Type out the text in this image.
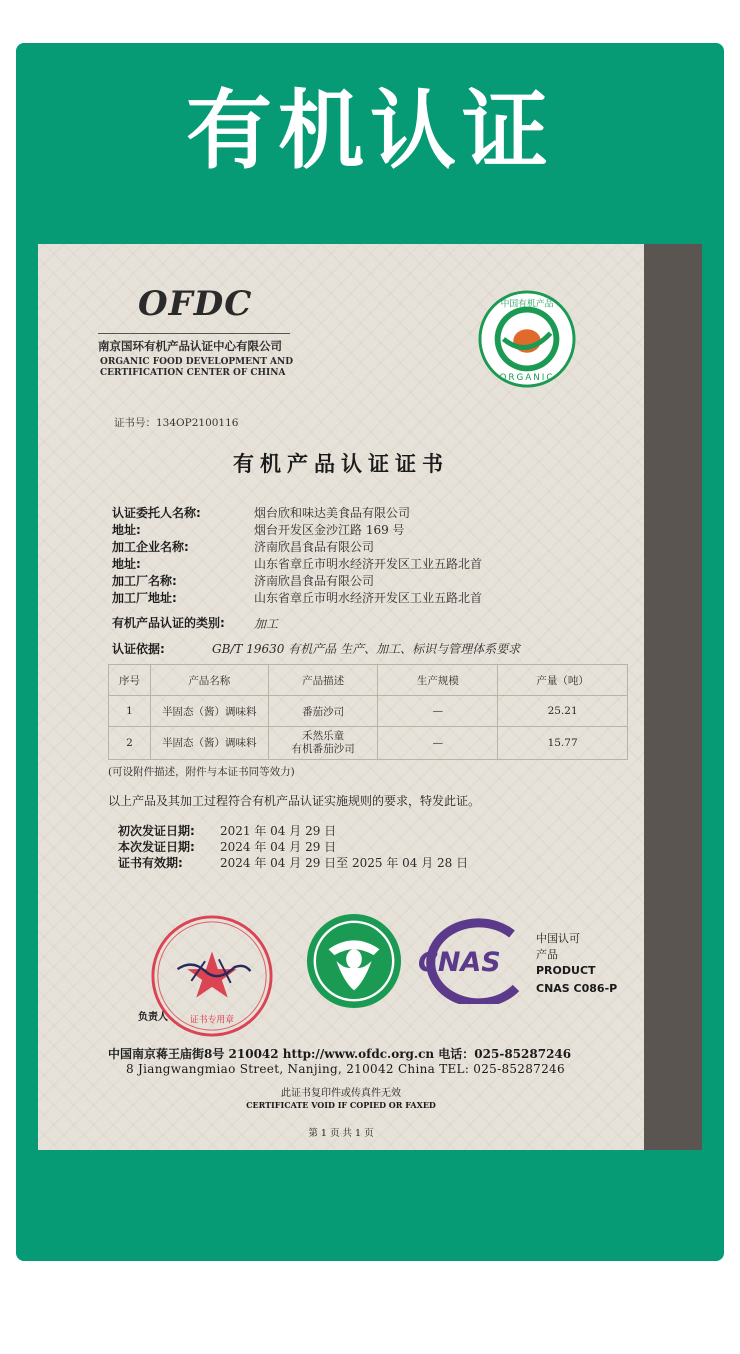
有机认证
OFDC
南京国环有机产品认证中心有限公司
ORGANIC FOOD DEVELOPMENT AND
CERTIFICATION CENTER OF CHINA
中国有机产品
ORGANIC
证书号：134OP2100116
有机产品认证证书
认证委托人名称:	烟台欣和味达美食品有限公司
地址:	烟台开发区金沙江路 169 号
加工企业名称:	济南欣昌食品有限公司
地址:	山东省章丘市明水经济开发区工业五路北首
加工厂名称:	济南欣昌食品有限公司
加工厂地址:	山东省章丘市明水经济开发区工业五路北首
有机产品认证的类别: 加工
认证依据:	GB/T 19630 有机产品 生产、加工、标识与管理体系要求
序号	产品名称	产品描述	生产规模	产量（吨）
1	半固态（酱）调味料	番茄沙司	—	25.21
2	半固态（酱）调味料	禾然乐童
有机番茄沙司	—	15.77
(可设附件描述，附件与本证书同等效力)
以上产品及其加工过程符合有机产品认证实施规则的要求，特发此证。
初次发证日期: 2021 年 04 月 29 日
本次发证日期: 2024 年 04 月 29 日
证书有效期:	2024 年 04 月 29 日至 2025 年 04 月 28 日
证书专用章
负责人
CNAS
中国认可
产品
PRODUCT
CNAS C086-P
中国南京蒋王庙街8号 210042 http://www.ofdc.org.cn 电话：025-85287246
8 Jiangwangmiao Street, Nanjing, 210042 China TEL: 025-85287246
此证书复印件或传真件无效
CERTIFICATE VOID IF COPIED OR FAXED
第 1 页 共 1 页
